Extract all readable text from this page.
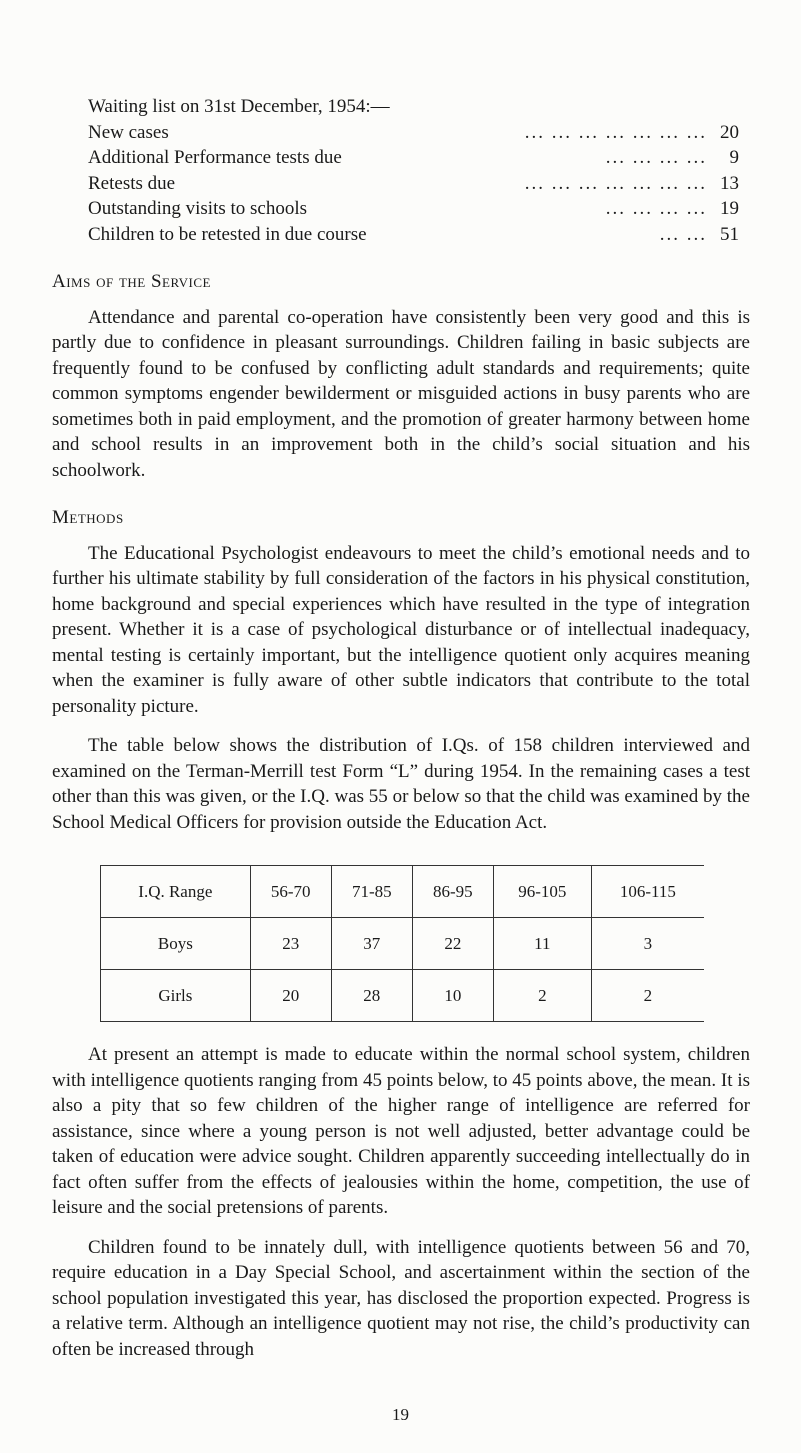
Waiting list on 31st December, 1954:—
New cases	... ... ... ... ... ... ... 20
Additional Performance tests due	... ... ... ...	9
Retests due	... ... ... ... ... ... ... 13
Outstanding visits to schools	... ... ... ... 19
Children to be retested in due course	... ... 51
Aims of the Service

Attendance and parental co-operation have consistently been very good and this is partly due to confidence in pleasant surroundings. Children failing in basic subjects are frequently found to be confused by conflicting adult standards and requirements; quite common symptoms engender bewilderment or misguided actions in busy parents who are sometimes both in paid employment, and the promotion of greater harmony between home and school results in an improvement both in the child’s social situation and his schoolwork.

Methods

The Educational Psychologist endeavours to meet the child’s emotional needs and to further his ultimate stability by full consideration of the factors in his physical constitution, home background and special experiences which have resulted in the type of integration present. Whether it is a case of psychological disturbance or of intellectual inadequacy, mental testing is certainly important, but the intelligence quotient only acquires meaning when the examiner is fully aware of other subtle indicators that contribute to the total personality picture.

The table below shows the distribution of I.Qs. of 158 children interviewed and examined on the Terman-Merrill test Form “L” during 1954. In the remaining cases a test other than this was given, or the I.Q. was 55 or below so that the child was examined by the School Medical Officers for provision outside the Education Act.

I.Q. Range	56-70	71-85	86-95	96-105	106-115
Boys	23	37	22	11	3
Girls	20	28	10	2	2

At present an attempt is made to educate within the normal school system, children with intelligence quotients ranging from 45 points below, to 45 points above, the mean. It is also a pity that so few children of the higher range of intelligence are referred for assistance, since where a young person is not well adjusted, better advantage could be taken of education were advice sought. Children apparently succeeding intellectually do in fact often suffer from the effects of jealousies within the home, competition, the use of leisure and the social pretensions of parents.

Children found to be innately dull, with intelligence quotients between 56 and 70, require education in a Day Special School, and ascertainment within the section of the school population investigated this year, has disclosed the proportion expected. Progress is a relative term. Although an intelligence quotient may not rise, the child’s productivity can often be increased through

19
